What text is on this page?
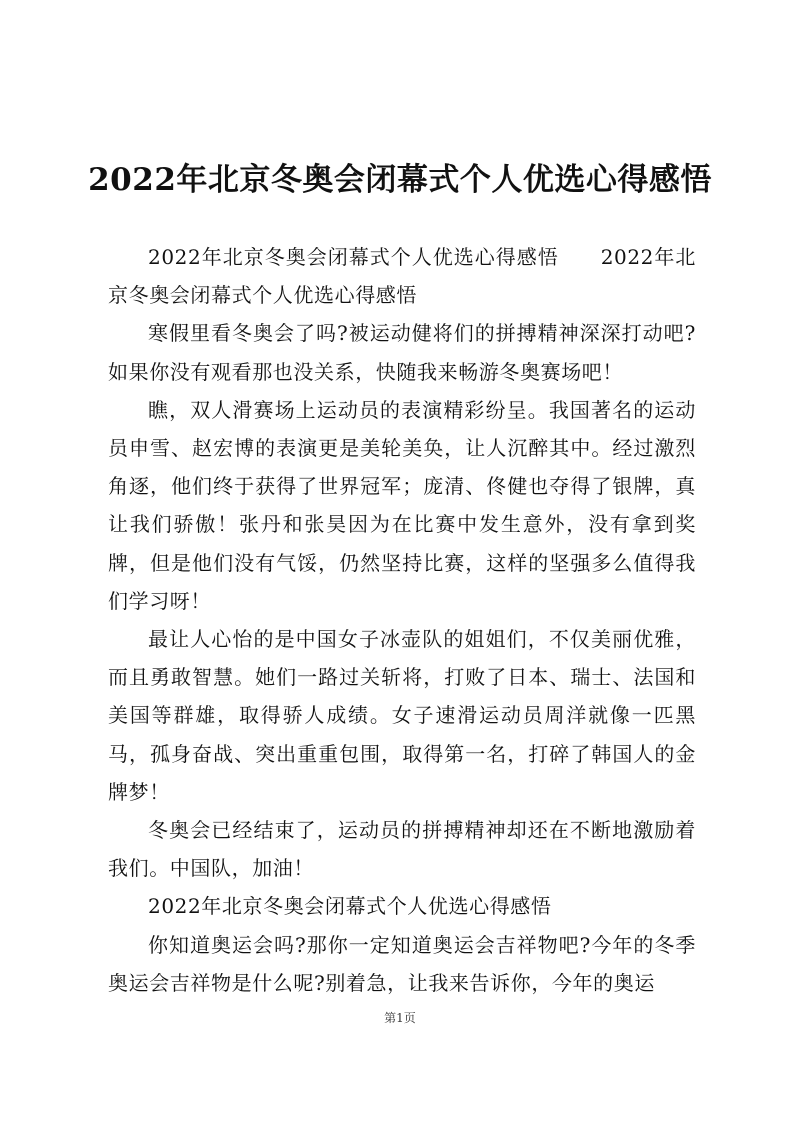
2022年北京冬奥会闭幕式个人优选心得感悟

2022年北京冬奥会闭幕式个人优选心得感悟　　2022年北京冬奥会闭幕式个人优选心得感悟

寒假里看冬奥会了吗?被运动健将们的拼搏精神深深打动吧?如果你没有观看那也没关系，快随我来畅游冬奥赛场吧！

瞧，双人滑赛场上运动员的表演精彩纷呈。我国著名的运动员申雪、赵宏博的表演更是美轮美奂，让人沉醉其中。经过激烈角逐，他们终于获得了世界冠军；庞清、佟健也夺得了银牌，真让我们骄傲！张丹和张昊因为在比赛中发生意外，没有拿到奖牌，但是他们没有气馁，仍然坚持比赛，这样的坚强多么值得我们学习呀！

最让人心怡的是中国女子冰壶队的姐姐们，不仅美丽优雅，而且勇敢智慧。她们一路过关斩将，打败了日本、瑞士、法国和美国等群雄，取得骄人成绩。女子速滑运动员周洋就像一匹黑马，孤身奋战、突出重重包围，取得第一名，打碎了韩国人的金牌梦！

冬奥会已经结束了，运动员的拼搏精神却还在不断地激励着我们。中国队，加油！

2022年北京冬奥会闭幕式个人优选心得感悟

你知道奥运会吗?那你一定知道奥运会吉祥物吧?今年的冬季奥运会吉祥物是什么呢?别着急，让我来告诉你，今年的奥运

第1页
